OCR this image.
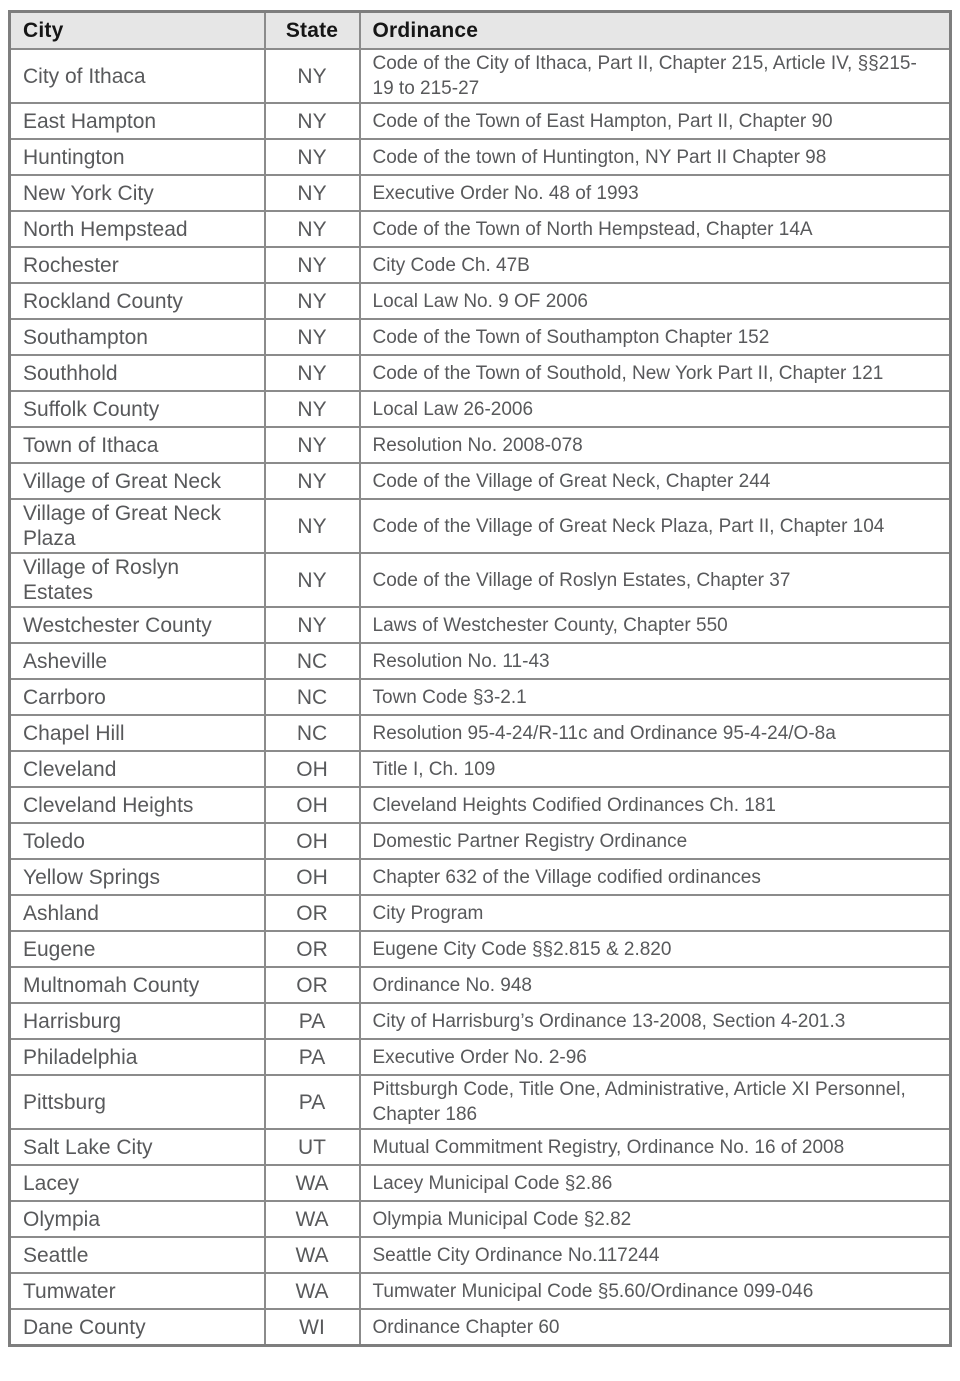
City	State	Ordinance
City of Ithaca	NY	Code of the City of Ithaca, Part II, Chapter 215, Article IV, §§215-19 to 215-27
East Hampton	NY	Code of the Town of East Hampton, Part II, Chapter 90
Huntington	NY	Code of the town of Huntington, NY Part II Chapter 98
New York City	NY	Executive Order No. 48 of 1993
North Hempstead	NY	Code of the Town of North Hempstead, Chapter 14A
Rochester	NY	City Code Ch. 47B
Rockland County	NY	Local Law No. 9 OF 2006
Southampton	NY	Code of the Town of Southampton Chapter 152
Southhold	NY	Code of the Town of Southold, New York Part II, Chapter 121
Suffolk County	NY	Local Law 26-2006
Town of Ithaca	NY	Resolution No. 2008-078
Village of Great Neck	NY	Code of the Village of Great Neck, Chapter 244
Village of Great Neck Plaza	NY	Code of the Village of Great Neck Plaza, Part II, Chapter 104
Village of Roslyn Estates	NY	Code of the Village of Roslyn Estates, Chapter 37
Westchester County	NY	Laws of Westchester County, Chapter 550
Asheville	NC	Resolution No. 11-43
Carrboro	NC	Town Code §3-2.1
Chapel Hill	NC	Resolution 95-4-24/R-11c and Ordinance 95-4-24/O-8a
Cleveland	OH	Title I, Ch. 109
Cleveland Heights	OH	Cleveland Heights Codified Ordinances Ch. 181
Toledo	OH	Domestic Partner Registry Ordinance
Yellow Springs	OH	Chapter 632 of the Village codified ordinances
Ashland	OR	City Program
Eugene	OR	Eugene City Code §§2.815 & 2.820
Multnomah County	OR	Ordinance No. 948
Harrisburg	PA	City of Harrisburg’s Ordinance 13-2008, Section 4-201.3
Philadelphia	PA	Executive Order No. 2-96
Pittsburg	PA	Pittsburgh Code, Title One, Administrative, Article XI Personnel, Chapter 186
Salt Lake City	UT	Mutual Commitment Registry, Ordinance No. 16 of 2008
Lacey	WA	Lacey Municipal Code §2.86
Olympia	WA	Olympia Municipal Code §2.82
Seattle	WA	Seattle City Ordinance No.117244
Tumwater	WA	Tumwater Municipal Code §5.60/Ordinance 099-046
Dane County	WI	Ordinance Chapter 60
